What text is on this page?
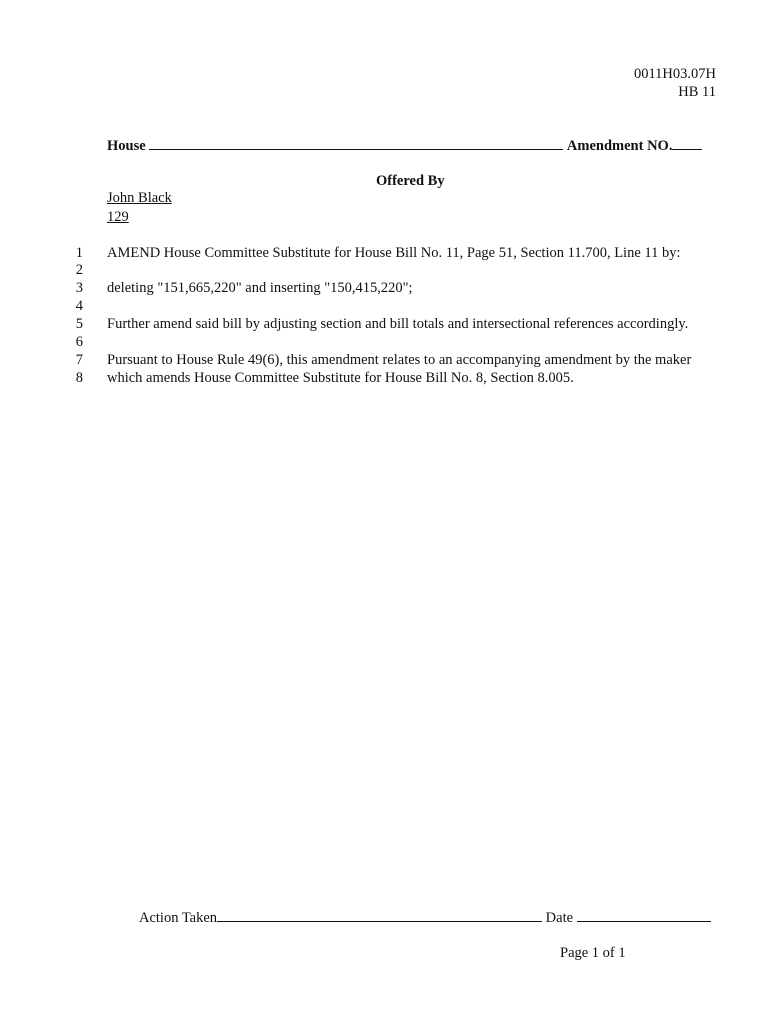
0011H03.07H
HB 11
House	Amendment NO.
Offered By
John Black
129
1 AMEND House Committee Substitute for House Bill No. 11, Page 51, Section 11.700, Line 11 by:
2
3 deleting "151,665,220" and inserting "150,415,220";
4
5 Further amend said bill by adjusting section and bill totals and intersectional references accordingly.
6
7 Pursuant to House Rule 49(6), this amendment relates to an accompanying amendment by the maker
8 which amends House Committee Substitute for House Bill No. 8, Section 8.005.
Action Taken	Date
Page 1 of 1
